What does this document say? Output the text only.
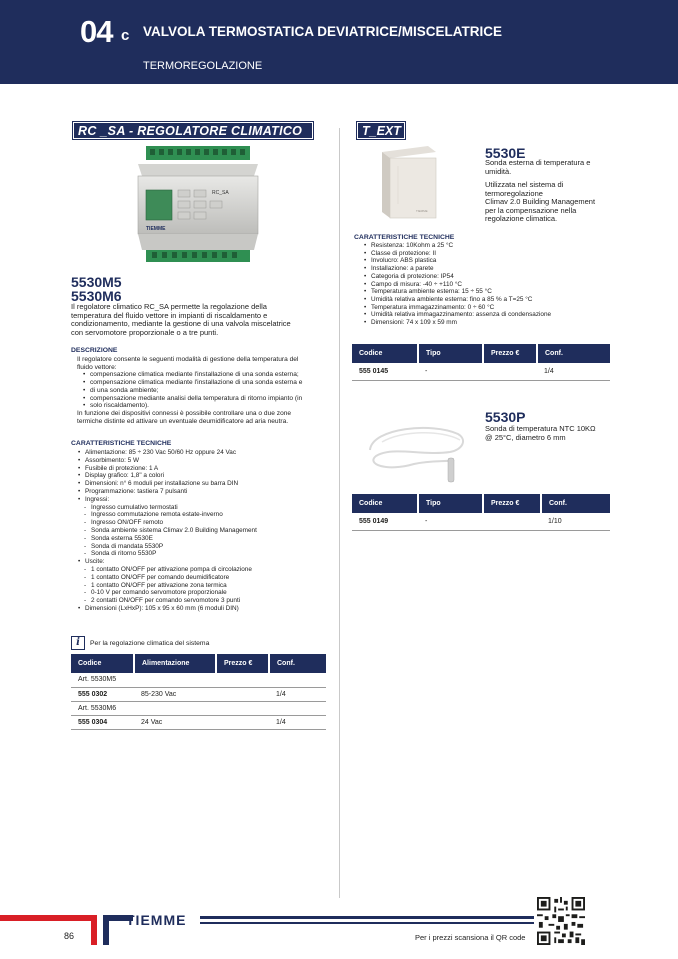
04 c VALVOLA TERMOSTATICA DEVIATRICE/MISCELATRICE
TERMOREGOLAZIONE
RC _SA - REGOLATORE CLIMATICO	T_EXT
RC_SA
TIEMME
5530M5
5530M6
Il regolatore climatico RC_SA permette la regolazione della
temperatura del fluido vettore in impianti di riscaldamento e
condizionamento, mediante la gestione di una valvola miscelatrice
con servomotore proporzionale o a tre punti.
DESCRIZIONE
Il regolatore consente le seguenti modalità di gestione della temperatura del
fluido vettore:
• compensazione climatica mediante l'installazione di una sonda esterna;
• compensazione climatica mediante l'installazione di una sonda esterna e
• di una sonda ambiente;
• compensazione mediante analisi della temperatura di ritorno impianto (in
• solo riscaldamento).
In funzione dei dispositivi connessi è possibile controllare una o due zone
termiche distinte ed attivare un eventuale deumidificatore ad aria neutra.
CARATTERISTICHE TECNICHE
• Alimentazione: 85 ÷ 230 Vac 50/60 Hz oppure 24 Vac
• Assorbimento: 5 W
• Fusibile di protezione: 1 A
• Display grafico: 1,8" a colori
• Dimensioni: n° 6 moduli per installazione su barra DIN
• Programmazione: tastiera 7 pulsanti
• Ingressi:
- Ingresso cumulativo termostati
- Ingresso commutazione remota estate-inverno
- Ingresso ON/OFF remoto
- Sonda ambiente sistema Climav 2.0 Building Management
- Sonda esterna 5530E
- Sonda di mandata 5530P
- Sonda di ritorno 5530P
• Uscite:
- 1 contatto ON/OFF per attivazione pompa di circolazione
- 1 contatto ON/OFF per comando deumidificatore
- 1 contatto ON/OFF per attivazione zona termica
- 0-10 V per comando servomotore proporzionale
- 2 contatti ON/OFF per comando servomotore 3 punti
• Dimensioni (LxHxP): 105 x 95 x 60 mm (6 moduli DIN)
i	Per la regolazione climatica del sistema
Codice	Alimentazione	Prezzo €	Conf.
Art. 5530M5			
555 0302	85-230 Vac		1/4
Art. 5530M6			
555 0304	24 Vac		1/4
TIEMME
5530E
Sonda esterna di temperatura e
umidità.
Utilizzata nel sistema di
termoregolazione
Climav 2.0 Building Management
per la compensazione nella
regolazione climatica.
CARATTERISTICHE TECNICHE
• Resistenza: 10Kohm a 25 °C
• Classe di protezione: II
• Involucro: ABS plastica
• Installazione: a parete
• Categoria di protezione: IP54
• Campo di misura: -40 ÷ +110 °C
• Temperatura ambiente esterna: 15 ÷ 55 °C
• Umidità relativa ambiente esterna: fino a 85 % a T=25 °C
• Temperatura immagazzinamento: 0 ÷ 60 °C
• Umidità relativa immagazzinamento: assenza di condensazione
• Dimensioni: 74 x 109 x 59 mm
Codice	Tipo	Prezzo €	Conf.
555 0145	-		1/4
5530P
Sonda di temperatura NTC 10KΩ
@ 25°C, diametro 6 mm
Codice	Tipo	Prezzo €	Conf.
555 0149	-		1/10
TIEMME
86	Per i prezzi scansiona il QR code
